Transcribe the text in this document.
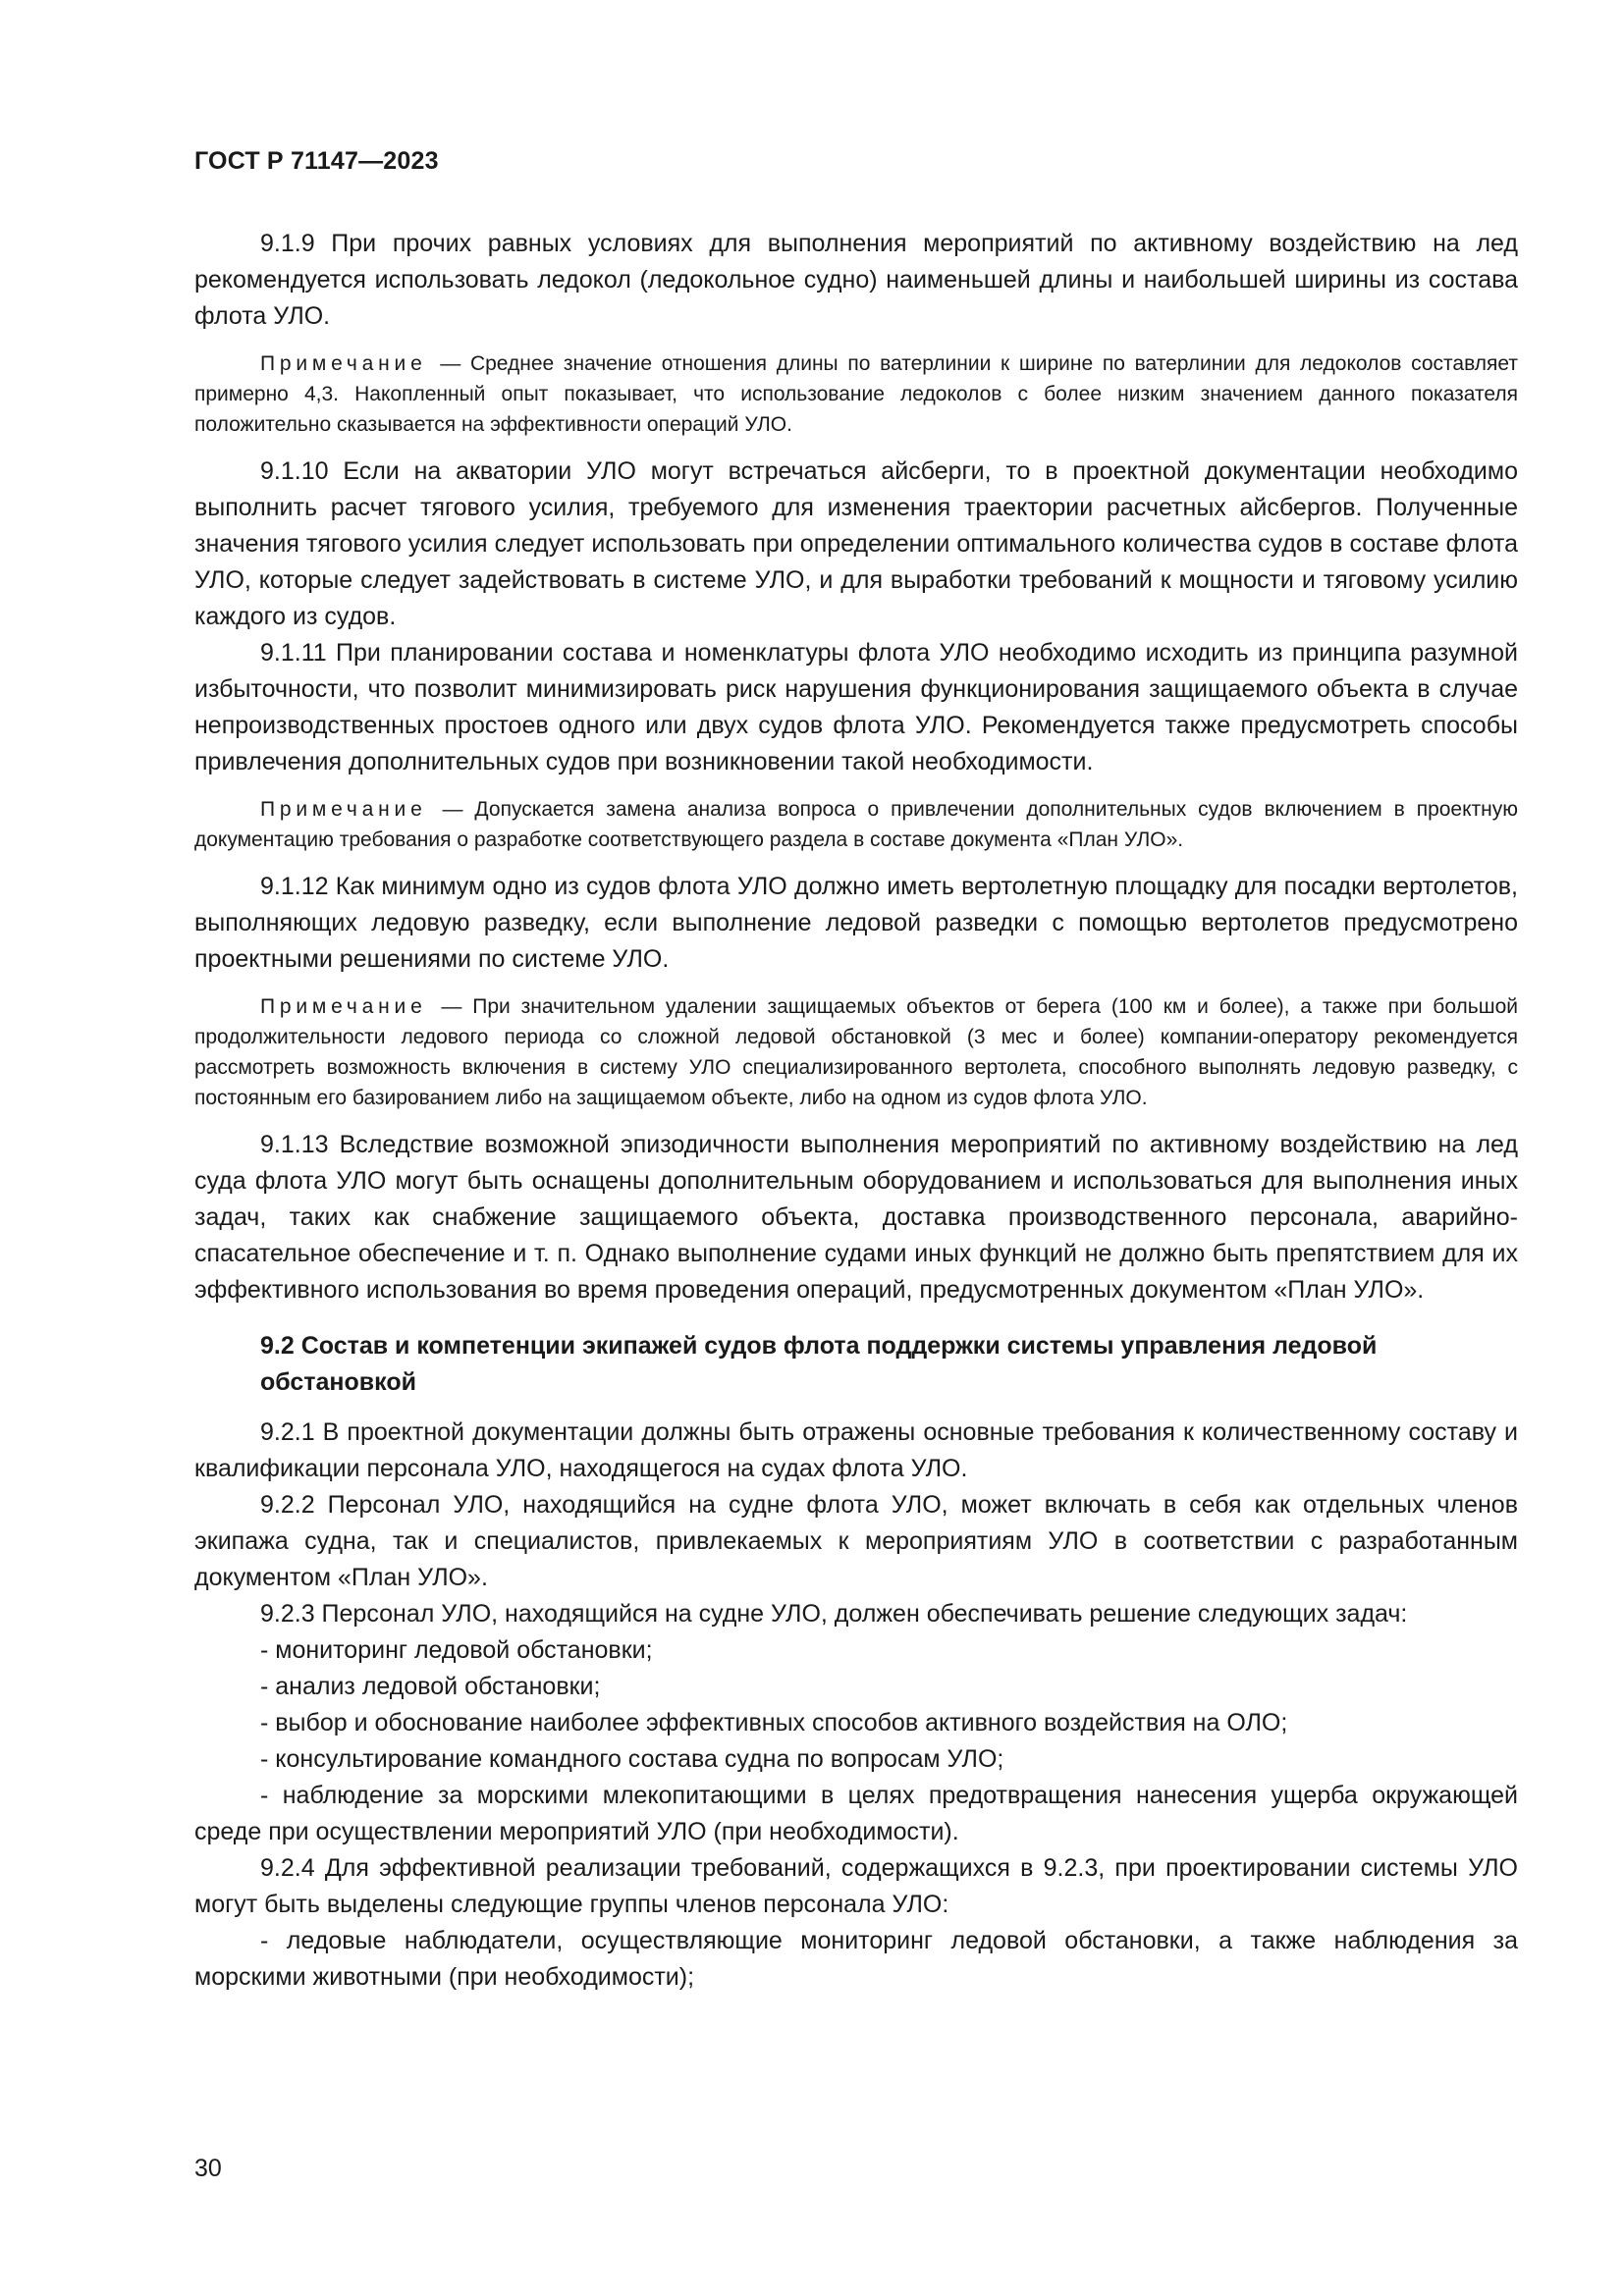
ГОСТ Р 71147—2023

9.1.9 При прочих равных условиях для выполнения мероприятий по активному воздействию на лед рекомендуется использовать ледокол (ледокольное судно) наименьшей длины и наибольшей ширины из состава флота УЛО.

Примечание — Среднее значение отношения длины по ватерлинии к ширине по ватерлинии для ледоколов составляет примерно 4,3. Накопленный опыт показывает, что использование ледоколов с более низким значением данного показателя положительно сказывается на эффективности операций УЛО.

9.1.10 Если на акватории УЛО могут встречаться айсберги, то в проектной документации необходимо выполнить расчет тягового усилия, требуемого для изменения траектории расчетных айсбергов. Полученные значения тягового усилия следует использовать при определении оптимального количества судов в составе флота УЛО, которые следует задействовать в системе УЛО, и для выработки требований к мощности и тяговому усилию каждого из судов.

9.1.11 При планировании состава и номенклатуры флота УЛО необходимо исходить из принципа разумной избыточности, что позволит минимизировать риск нарушения функционирования защищаемого объекта в случае непроизводственных простоев одного или двух судов флота УЛО. Рекомендуется также предусмотреть способы привлечения дополнительных судов при возникновении такой необходимости.

Примечание — Допускается замена анализа вопроса о привлечении дополнительных судов включением в проектную документацию требования о разработке соответствующего раздела в составе документа «План УЛО».

9.1.12 Как минимум одно из судов флота УЛО должно иметь вертолетную площадку для посадки вертолетов, выполняющих ледовую разведку, если выполнение ледовой разведки с помощью вертолетов предусмотрено проектными решениями по системе УЛО.

Примечание — При значительном удалении защищаемых объектов от берега (100 км и более), а также при большой продолжительности ледового периода со сложной ледовой обстановкой (3 мес и более) компании-оператору рекомендуется рассмотреть возможность включения в систему УЛО специализированного вертолета, способного выполнять ледовую разведку, с постоянным его базированием либо на защищаемом объекте, либо на одном из судов флота УЛО.

9.1.13 Вследствие возможной эпизодичности выполнения мероприятий по активному воздействию на лед суда флота УЛО могут быть оснащены дополнительным оборудованием и использоваться для выполнения иных задач, таких как снабжение защищаемого объекта, доставка производственного персонала, аварийно-спасательное обеспечение и т. п. Однако выполнение судами иных функций не должно быть препятствием для их эффективного использования во время проведения операций, предусмотренных документом «План УЛО».

9.2 Состав и компетенции экипажей судов флота поддержки системы управления ледовой обстановкой

9.2.1 В проектной документации должны быть отражены основные требования к количественному составу и квалификации персонала УЛО, находящегося на судах флота УЛО.

9.2.2 Персонал УЛО, находящийся на судне флота УЛО, может включать в себя как отдельных членов экипажа судна, так и специалистов, привлекаемых к мероприятиям УЛО в соответствии с разработанным документом «План УЛО».

9.2.3 Персонал УЛО, находящийся на судне УЛО, должен обеспечивать решение следующих задач:

- мониторинг ледовой обстановки;

- анализ ледовой обстановки;

- выбор и обоснование наиболее эффективных способов активного воздействия на ОЛО;

- консультирование командного состава судна по вопросам УЛО;

- наблюдение за морскими млекопитающими в целях предотвращения нанесения ущерба окружающей среде при осуществлении мероприятий УЛО (при необходимости).

9.2.4 Для эффективной реализации требований, содержащихся в 9.2.3, при проектировании системы УЛО могут быть выделены следующие группы членов персонала УЛО:

- ледовые наблюдатели, осуществляющие мониторинг ледовой обстановки, а также наблюдения за морскими животными (при необходимости);

30
